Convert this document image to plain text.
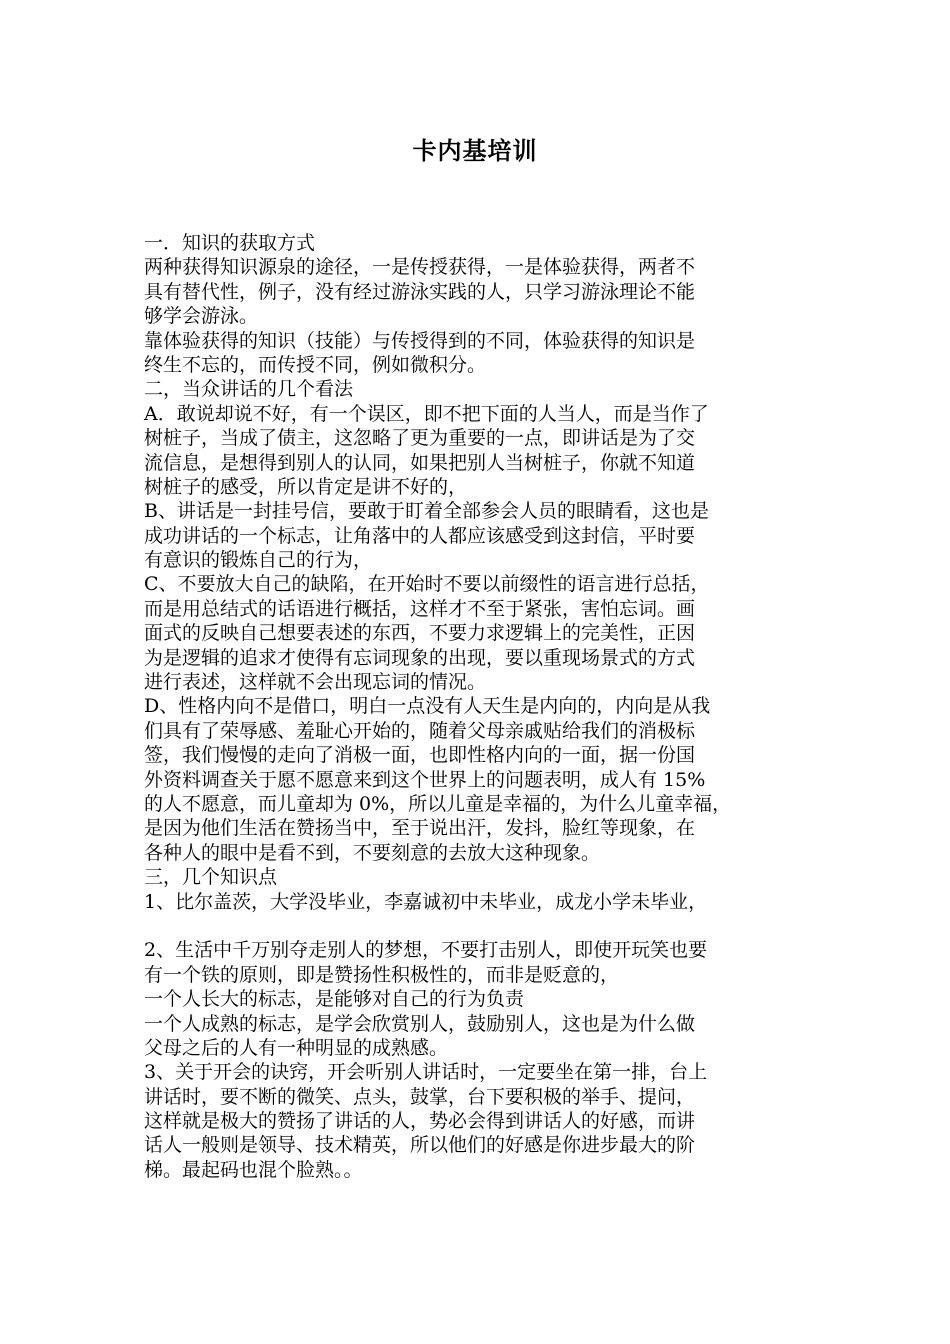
卡内基培训
一．知识的获取方式
两种获得知识源泉的途径，一是传授获得，一是体验获得，两者不
具有替代性，例子，没有经过游泳实践的人，只学习游泳理论不能
够学会游泳。
靠体验获得的知识（技能）与传授得到的不同，体验获得的知识是
终生不忘的，而传授不同，例如微积分。
二，当众讲话的几个看法
A．敢说却说不好，有一个误区，即不把下面的人当人，而是当作了
树桩子，当成了债主，这忽略了更为重要的一点，即讲话是为了交
流信息，是想得到别人的认同，如果把别人当树桩子，你就不知道
树桩子的感受，所以肯定是讲不好的，
B、讲话是一封挂号信，要敢于盯着全部参会人员的眼睛看，这也是
成功讲话的一个标志，让角落中的人都应该感受到这封信，平时要
有意识的锻炼自己的行为，
C、不要放大自己的缺陷，在开始时不要以前缀性的语言进行总括，
而是用总结式的话语进行概括，这样才不至于紧张，害怕忘词。画
面式的反映自己想要表述的东西，不要力求逻辑上的完美性，正因
为是逻辑的追求才使得有忘词现象的出现，要以重现场景式的方式
进行表述，这样就不会出现忘词的情况。
D、性格内向不是借口，明白一点没有人天生是内向的，内向是从我
们具有了荣辱感、羞耻心开始的，随着父母亲戚贴给我们的消极标
签，我们慢慢的走向了消极一面，也即性格内向的一面，据一份国
外资料调查关于愿不愿意来到这个世界上的问题表明，成人有 15%
的人不愿意，而儿童却为 0%，所以儿童是幸福的，为什么儿童幸福，
是因为他们生活在赞扬当中，至于说出汗，发抖，脸红等现象，在
各种人的眼中是看不到，不要刻意的去放大这种现象。
三，几个知识点
1、比尔盖茨，大学没毕业，李嘉诚初中未毕业，成龙小学未毕业，
2、生活中千万别夺走别人的梦想，不要打击别人，即使开玩笑也要
有一个铁的原则，即是赞扬性积极性的，而非是贬意的，
一个人长大的标志，是能够对自己的行为负责
一个人成熟的标志，是学会欣赏别人，鼓励别人，这也是为什么做
父母之后的人有一种明显的成熟感。
3、关于开会的诀窍，开会听别人讲话时，一定要坐在第一排，台上
讲话时，要不断的微笑、点头，鼓掌，台下要积极的举手、提问，
这样就是极大的赞扬了讲话的人，势必会得到讲话人的好感，而讲
话人一般则是领导、技术精英，所以他们的好感是你进步最大的阶
梯。最起码也混个脸熟。。
